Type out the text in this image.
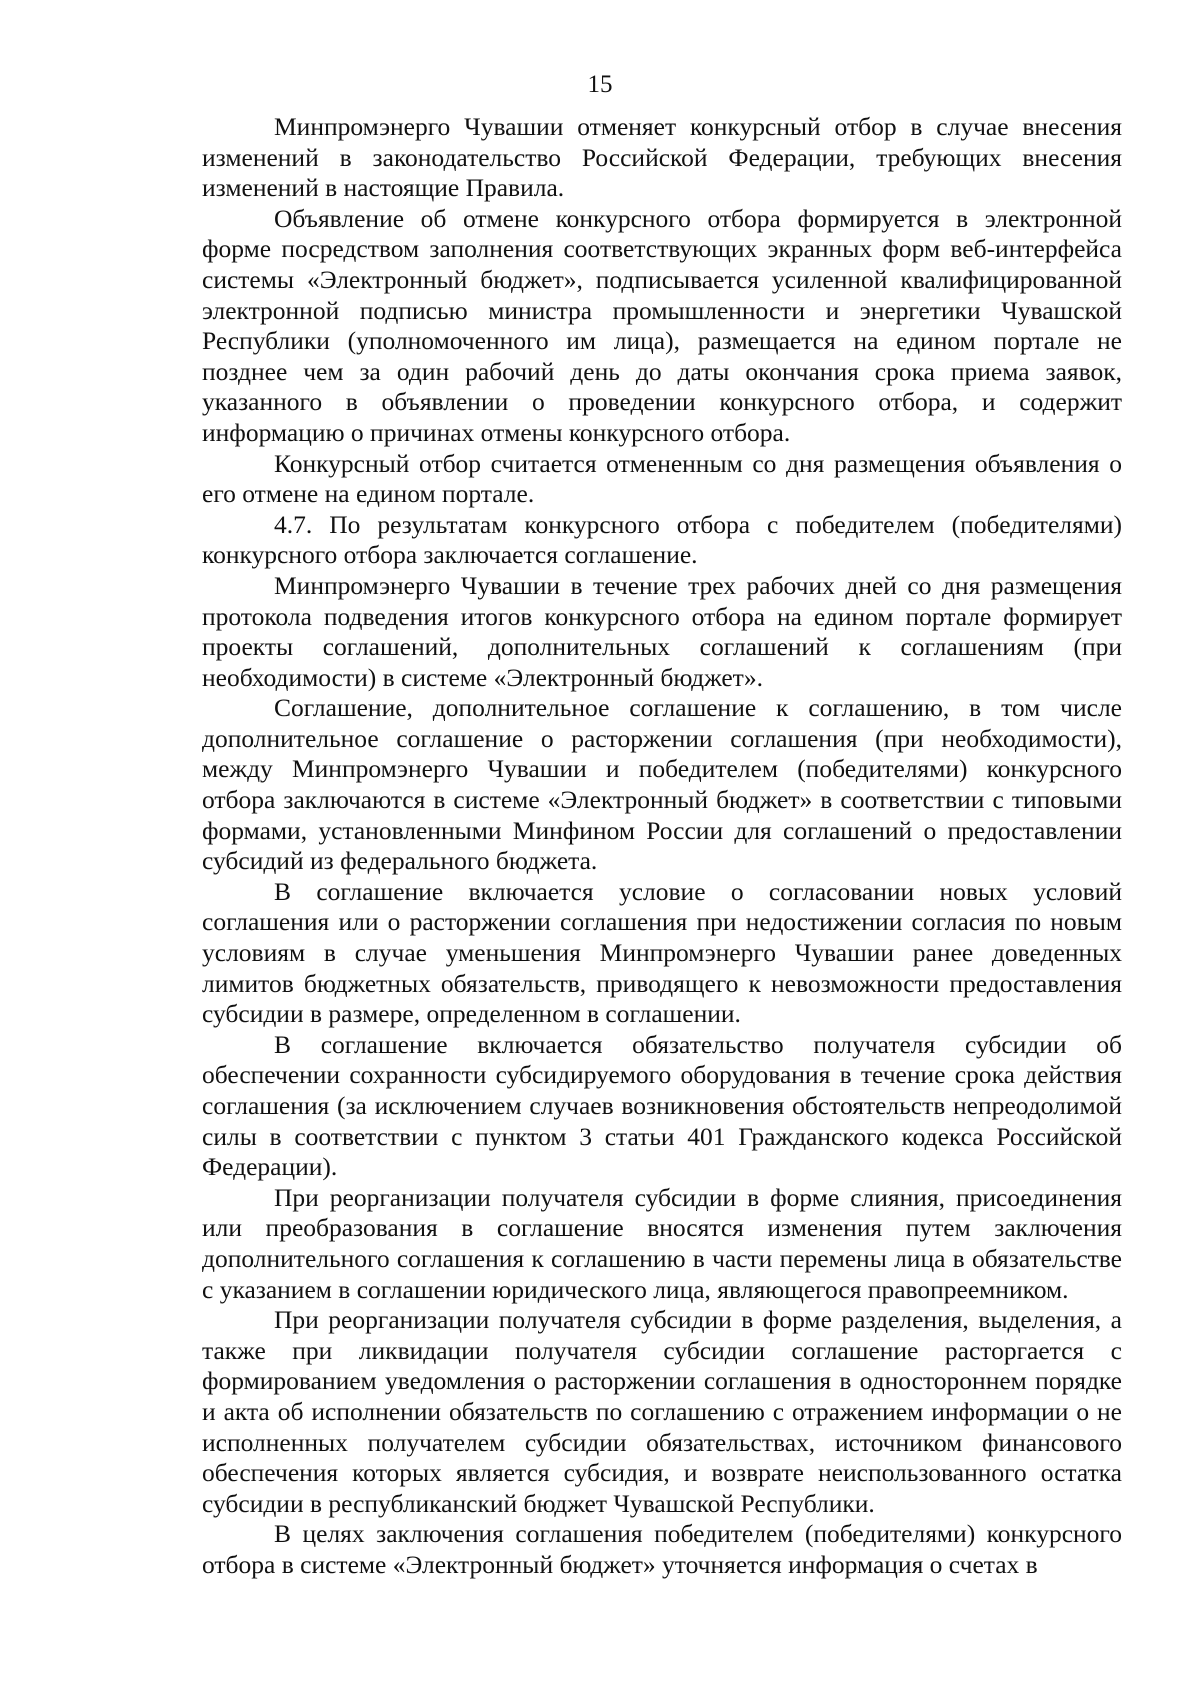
15

Минпромэнерго Чувашии отменяет конкурсный отбор в случае внесения изменений в законодательство Российской Федерации, требующих внесения изменений в настоящие Правила.

Объявление об отмене конкурсного отбора формируется в электронной форме посредством заполнения соответствующих экранных форм веб-интерфейса системы «Электронный бюджет», подписывается усиленной квалифицированной электронной подписью министра промышленности и энергетики Чувашской Республики (уполномоченного им лица), размещается на едином портале не позднее чем за один рабочий день до даты окончания срока приема заявок, указанного в объявлении о проведении конкурсного отбора, и содержит информацию о причинах отмены конкурсного отбора.

Конкурсный отбор считается отмененным со дня размещения объявления о его отмене на едином портале.

4.7. По результатам конкурсного отбора с победителем (победителями) конкурсного отбора заключается соглашение.

Минпромэнерго Чувашии в течение трех рабочих дней со дня размещения протокола подведения итогов конкурсного отбора на едином портале формирует проекты соглашений, дополнительных соглашений к соглашениям (при необходимости) в системе «Электронный бюджет».

Соглашение, дополнительное соглашение к соглашению, в том числе дополнительное соглашение о расторжении соглашения (при необходимости), между Минпромэнерго Чувашии и победителем (победителями) конкурсного отбора заключаются в системе «Электронный бюджет» в соответствии с типовыми формами, установленными Минфином России для соглашений о предоставлении субсидий из федерального бюджета.

В соглашение включается условие о согласовании новых условий соглашения или о расторжении соглашения при недостижении согласия по новым условиям в случае уменьшения Минпромэнерго Чувашии ранее доведенных лимитов бюджетных обязательств, приводящего к невозможности предоставления субсидии в размере, определенном в соглашении.

В соглашение включается обязательство получателя субсидии об обеспечении сохранности субсидируемого оборудования в течение срока действия соглашения (за исключением случаев возникновения обстоятельств непреодолимой силы в соответствии с пунктом 3 статьи 401 Гражданского кодекса Российской Федерации).

При реорганизации получателя субсидии в форме слияния, присоединения или преобразования в соглашение вносятся изменения путем заключения дополнительного соглашения к соглашению в части перемены лица в обязательстве с указанием в соглашении юридического лица, являющегося правопреемником.

При реорганизации получателя субсидии в форме разделения, выделения, а также при ликвидации получателя субсидии соглашение расторгается с формированием уведомления о расторжении соглашения в одностороннем порядке и акта об исполнении обязательств по соглашению с отражением информации о не исполненных получателем субсидии обязательствах, источником финансового обеспечения которых является субсидия, и возврате неиспользованного остатка субсидии в республиканский бюджет Чувашской Республики.

В целях заключения соглашения победителем (победителями) конкурсного отбора в системе «Электронный бюджет» уточняется информация о счетах в
